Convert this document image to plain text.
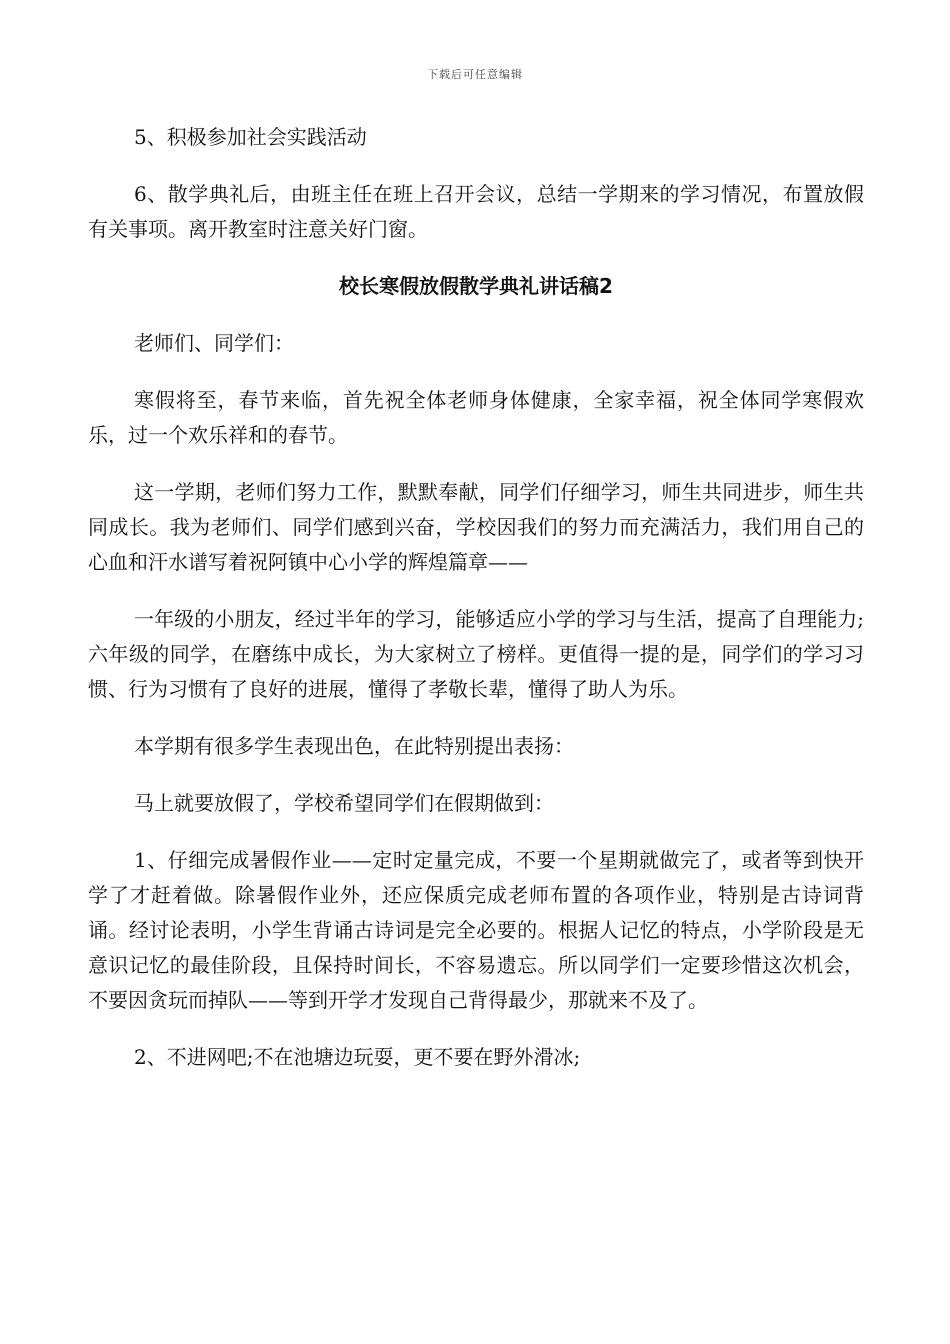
下载后可任意编辑

5、积极参加社会实践活动

6、散学典礼后，由班主任在班上召开会议，总结一学期来的学习情况，布置放假有关事项。离开教室时注意关好门窗。

校长寒假放假散学典礼讲话稿2

老师们、同学们：

寒假将至，春节来临，首先祝全体老师身体健康，全家幸福，祝全体同学寒假欢乐，过一个欢乐祥和的春节。

这一学期，老师们努力工作，默默奉献，同学们仔细学习，师生共同进步，师生共同成长。我为老师们、同学们感到兴奋，学校因我们的努力而充满活力，我们用自己的心血和汗水谱写着祝阿镇中心小学的辉煌篇章——

一年级的小朋友，经过半年的学习，能够适应小学的学习与生活，提高了自理能力;六年级的同学，在磨练中成长，为大家树立了榜样。更值得一提的是，同学们的学习习惯、行为习惯有了良好的进展，懂得了孝敬长辈，懂得了助人为乐。

本学期有很多学生表现出色，在此特别提出表扬：

马上就要放假了，学校希望同学们在假期做到：

1、仔细完成暑假作业——定时定量完成，不要一个星期就做完了，或者等到快开学了才赶着做。除暑假作业外，还应保质完成老师布置的各项作业，特别是古诗词背诵。经讨论表明，小学生背诵古诗词是完全必要的。根据人记忆的特点，小学阶段是无意识记忆的最佳阶段，且保持时间长，不容易遗忘。所以同学们一定要珍惜这次机会，不要因贪玩而掉队——等到开学才发现自己背得最少，那就来不及了。

2、不进网吧;不在池塘边玩耍，更不要在野外滑冰;
